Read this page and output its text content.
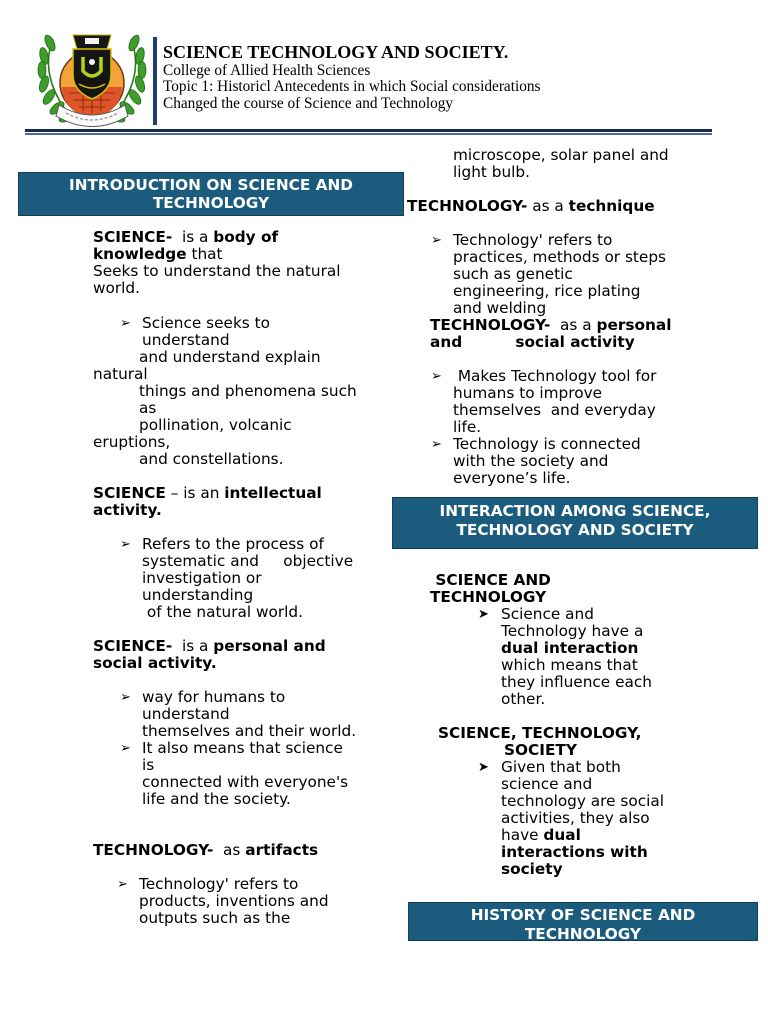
SCIENCE TECHNOLOGY AND SOCIETY.
College of Allied Health Sciences
Topic 1: Historicl Antecedents in which Social considerations
Changed the course of Science and Technology
INTRODUCTION ON SCIENCE AND
TECHNOLOGY
SCIENCE-  is a body of
knowledge that
Seeks to understand the natural
world.
➢
Science seeks to
understand
and understand explain
natural
things and phenomena such
as
pollination, volcanic
eruptions,
and constellations.
SCIENCE – is an intellectual
activity.
➢
Refers to the process of
systematic and     objective
investigation or
understanding
of the natural world.
SCIENCE-  is a personal and
social activity.
➢
way for humans to
understand
themselves and their world.
➢
It also means that science
is
connected with everyone's
life and the society.
TECHNOLOGY-  as artifacts
➢
Technology' refers to
products, inventions and
outputs such as the
microscope, solar panel and
light bulb.
TECHNOLOGY- as a technique
➢
Technology' refers to
practices, methods or steps
such as genetic
engineering, rice plating
and welding
TECHNOLOGY-  as a personal
and          social activity
➢
Makes Technology tool for
humans to improve
themselves  and everyday
life.
➢
Technology is connected
with the society and
everyone’s life.
INTERACTION AMONG SCIENCE,
TECHNOLOGY AND SOCIETY
SCIENCE AND
TECHNOLOGY
➤
Science and
Technology have a
dual interaction
which means that
they influence each
other.
SCIENCE, TECHNOLOGY,
SOCIETY
➤
Given that both
science and
technology are social
activities, they also
have dual
interactions with
society
HISTORY OF SCIENCE AND
TECHNOLOGY
